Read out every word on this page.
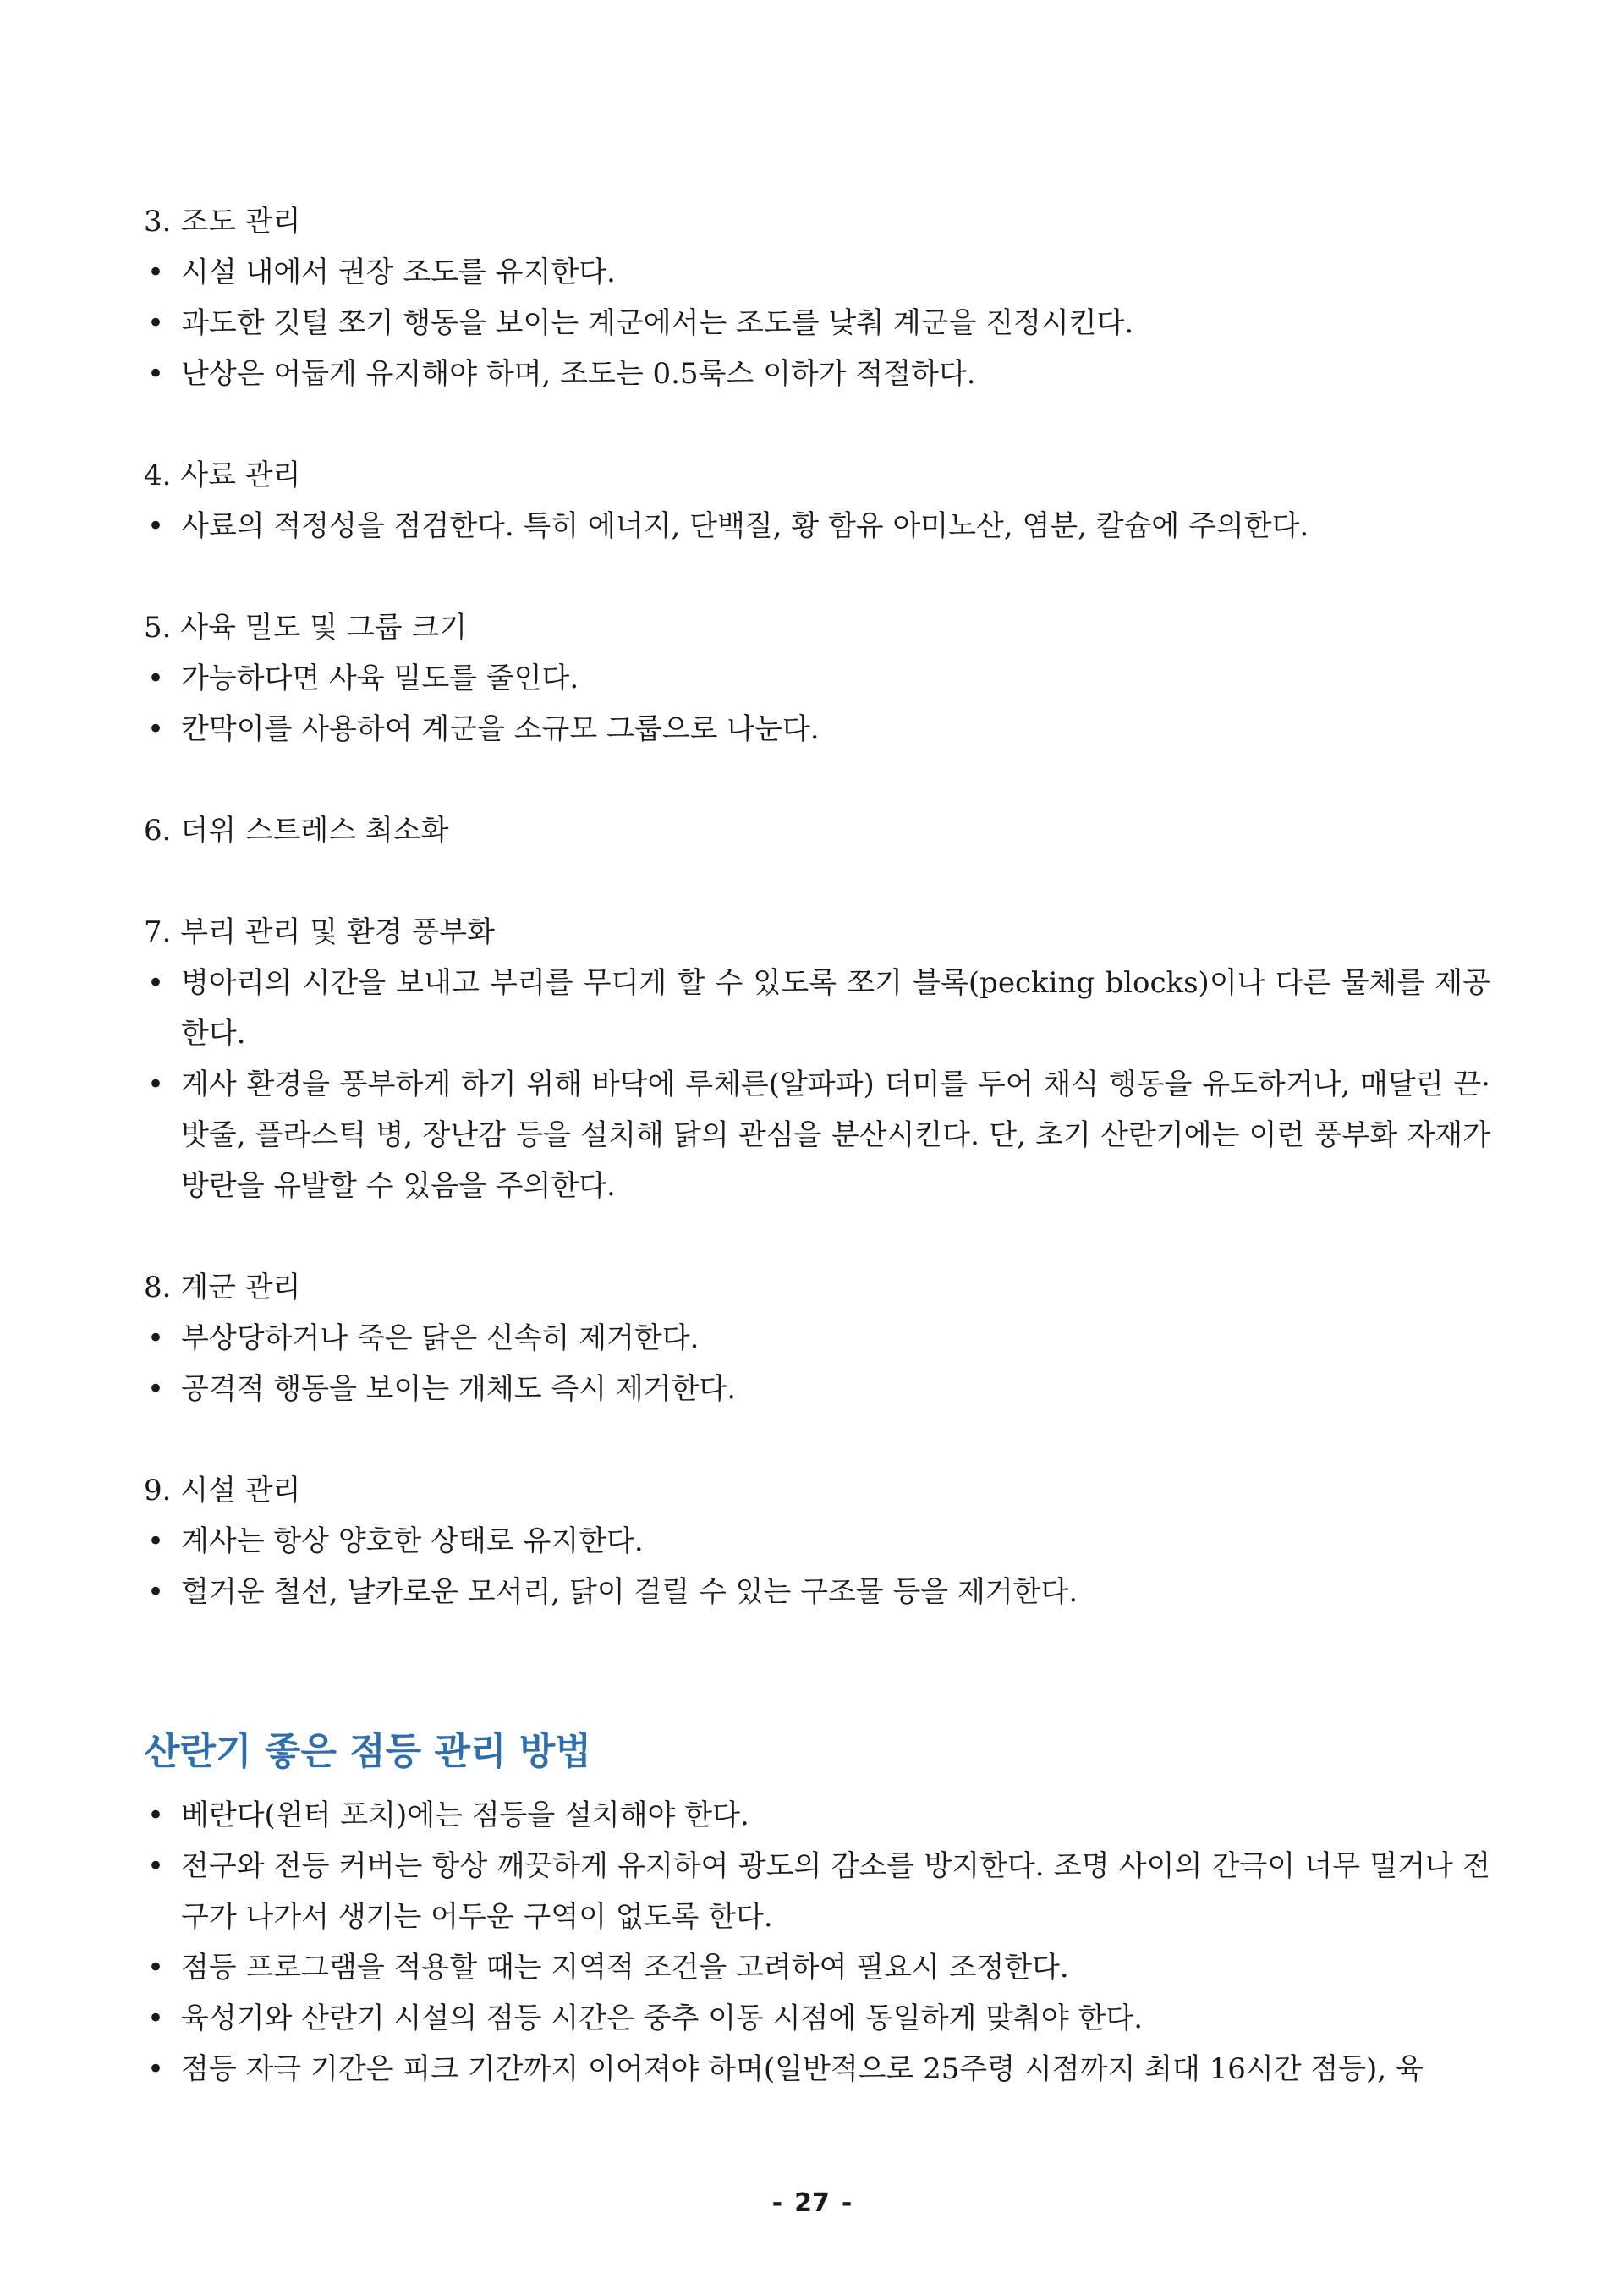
3. 조도 관리
• 시설 내에서 권장 조도를 유지한다.
• 과도한 깃털 쪼기 행동을 보이는 계군에서는 조도를 낮춰 계군을 진정시킨다.
• 난상은 어둡게 유지해야 하며, 조도는 0.5룩스 이하가 적절하다.
4. 사료 관리
• 사료의 적정성을 점검한다. 특히 에너지, 단백질, 황 함유 아미노산, 염분, 칼슘에 주의한다.
5. 사육 밀도 및 그룹 크기
• 가능하다면 사육 밀도를 줄인다.
• 칸막이를 사용하여 계군을 소규모 그룹으로 나눈다.
6. 더위 스트레스 최소화
7. 부리 관리 및 환경 풍부화
• 병아리의 시간을 보내고 부리를 무디게 할 수 있도록 쪼기 블록(pecking blocks)이나 다른 물체를 제공한다.
• 계사 환경을 풍부하게 하기 위해 바닥에 루체른(알파파) 더미를 두어 채식 행동을 유도하거나, 매달린 끈·밧줄, 플라스틱 병, 장난감 등을 설치해 닭의 관심을 분산시킨다. 단, 초기 산란기에는 이런 풍부화 자재가 방란을 유발할 수 있음을 주의한다.
8. 계군 관리
• 부상당하거나 죽은 닭은 신속히 제거한다.
• 공격적 행동을 보이는 개체도 즉시 제거한다.
9. 시설 관리
• 계사는 항상 양호한 상태로 유지한다.
• 헐거운 철선, 날카로운 모서리, 닭이 걸릴 수 있는 구조물 등을 제거한다.
산란기 좋은 점등 관리 방법
• 베란다(윈터 포치)에는 점등을 설치해야 한다.
• 전구와 전등 커버는 항상 깨끗하게 유지하여 광도의 감소를 방지한다. 조명 사이의 간극이 너무 멀거나 전구가 나가서 생기는 어두운 구역이 없도록 한다.
• 점등 프로그램을 적용할 때는 지역적 조건을 고려하여 필요시 조정한다.
• 육성기와 산란기 시설의 점등 시간은 중추 이동 시점에 동일하게 맞춰야 한다.
• 점등 자극 기간은 피크 기간까지 이어져야 하며(일반적으로 25주령 시점까지 최대 16시간 점등), 육
- 27 -
